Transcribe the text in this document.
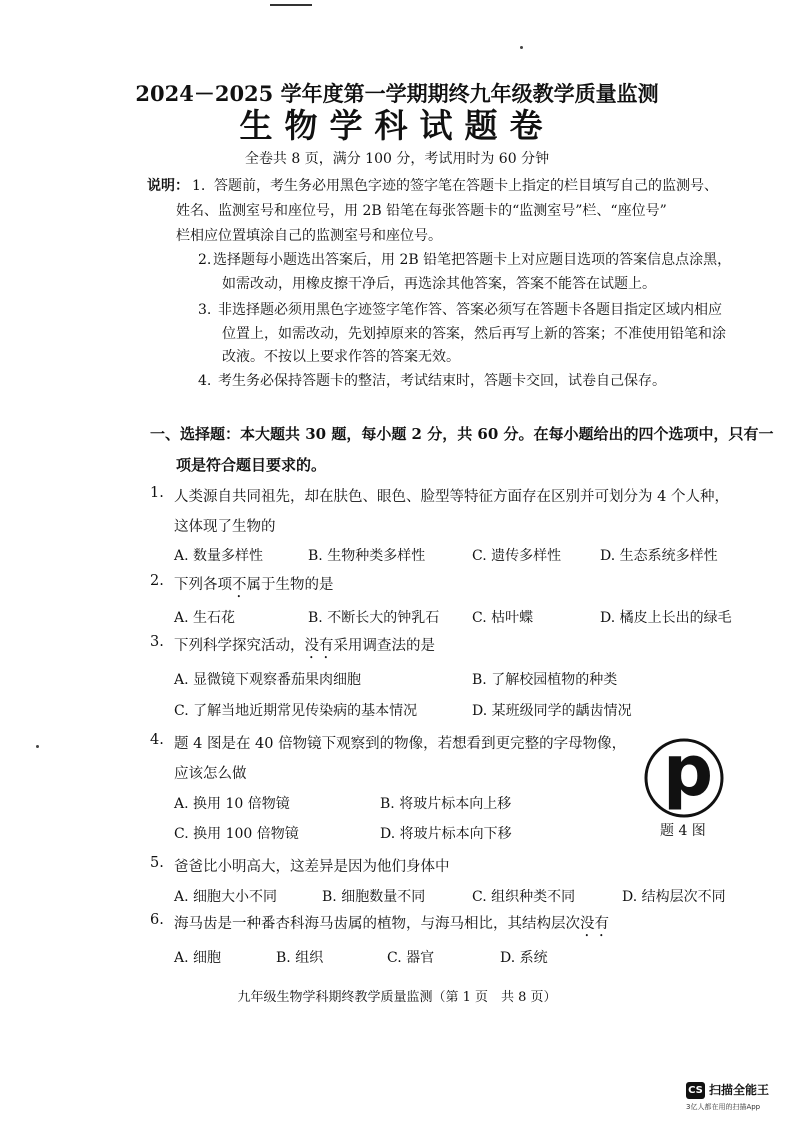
2024－2025 学年度第一学期期终九年级教学质量监测
生物学科试题卷
全卷共 8 页，满分 100 分，考试用时为 60 分钟
说明： 1. 答题前，考生务必用黑色字迹的签字笔在答题卡上指定的栏目填写自己的监测号、
姓名、监测室号和座位号，用 2B 铅笔在每张答题卡的“监测室号”栏、“座位号”
栏相应位置填涂自己的监测室号和座位号。
2. 选择题每小题选出答案后，用 2B 铅笔把答题卡上对应题目选项的答案信息点涂黑，
如需改动，用橡皮擦干净后，再选涂其他答案，答案不能答在试题上。
3. 非选择题必须用黑色字迹签字笔作答、答案必须写在答题卡各题目指定区域内相应
位置上，如需改动，先划掉原来的答案，然后再写上新的答案；不准使用铅笔和涂
改液。不按以上要求作答的答案无效。
4. 考生务必保持答题卡的整洁，考试结束时，答题卡交回，试卷自己保存。
一、选择题：本大题共 30 题，每小题 2 分，共 60 分。在每小题给出的四个选项中，只有一
项是符合题目要求的。
1. 人类源自共同祖先，却在肤色、眼色、脸型等特征方面存在区别并可划分为 4 个人种，
这体现了生物的
A. 数量多样性	B. 生物种类多样性	C. 遗传多样性	D. 生态系统多样性
2. 下列各项不属于生物的是
A. 生石花	B. 不断长大的钟乳石 C. 枯叶蝶	D. 橘皮上长出的绿毛
3. 下列科学探究活动，没有采用调查法的是
A. 显微镜下观察番茄果肉细胞	B. 了解校园植物的种类
C. 了解当地近期常见传染病的基本情况	D. 某班级同学的龋齿情况
4. 题 4 图是在 40 倍物镜下观察到的物像，若想看到更完整的字母物像，
应该怎么做
A. 换用 10 倍物镜	B. 将玻片标本向上移
C. 换用 100 倍物镜	D. 将玻片标本向下移
p
题 4 图
5. 爸爸比小明高大，这差异是因为他们身体中
A. 细胞大小不同	B. 细胞数量不同	C. 组织种类不同	D. 结构层次不同
6. 海马齿是一种番杏科海马齿属的植物，与海马相比，其结构层次没有
A. 细胞	B. 组织	C. 器官	D. 系统
九年级生物学科期终教学质量监测（第 1 页　共 8 页）
CS 扫描全能王
3亿人都在用的扫描App
